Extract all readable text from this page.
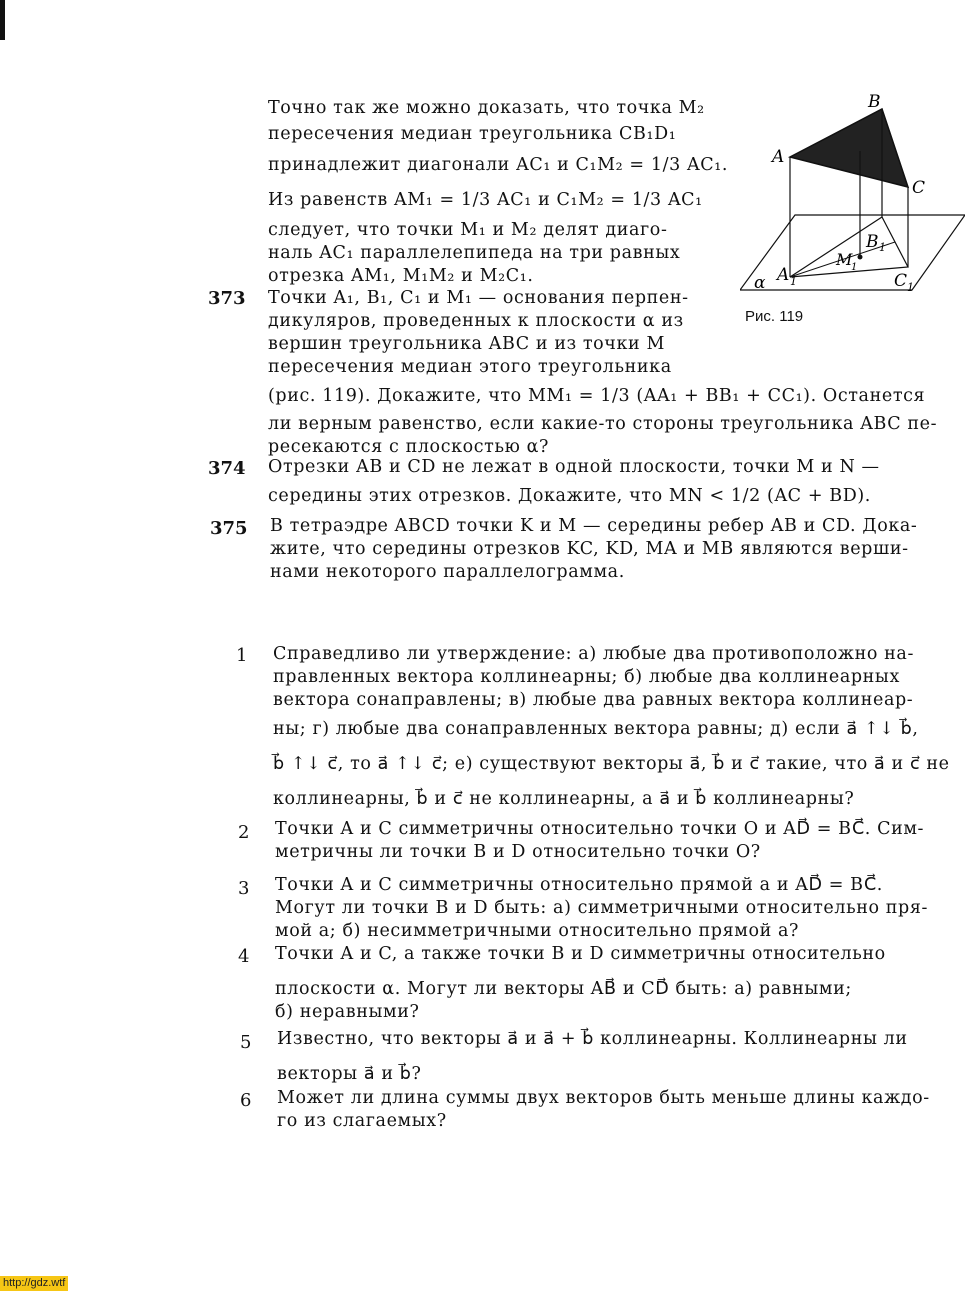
Точно так же можно доказать, что точка M₂
пересечения медиан треугольника CB₁D₁
принадлежит диагонали AC₁ и C₁M₂ = 1/3 AC₁.
Из равенств AM₁ = 1/3 AC₁ и C₁M₂ = 1/3 AC₁
следует, что точки M₁ и M₂ делят диаго-
наль AC₁ параллелепипеда на три равных
отрезка AM₁, M₁M₂ и M₂C₁.
A
B
C
A 1
B 1
C 1
M
1
α
Рис. 119
373 Точки A₁, B₁, C₁ и M₁ — основания перпен-
дикуляров, проведенных к плоскости α из
вершин треугольника ABC и из точки M
пересечения медиан этого треугольника
(рис. 119). Докажите, что MM₁ = 1/3 (AA₁ + BB₁ + CC₁). Останется
ли верным равенство, если какие-то стороны треугольника ABC пе-
ресекаются с плоскостью α?
374 Отрезки AB и CD не лежат в одной плоскости, точки M и N —
середины этих отрезков. Докажите, что MN < 1/2 (AC + BD).
375 В тетраэдре ABCD точки K и M — середины ребер AB и CD. Дока-
жите, что середины отрезков KC, KD, MA и MB являются верши-
нами некоторого параллелограмма.
1 Справедливо ли утверждение: а) любые два противоположно на-
правленных вектора коллинеарны; б) любые два коллинеарных
вектора сонаправлены; в) любые два равных вектора коллинеар-
ны; г) любые два сонаправленных вектора равны; д) если a⃗ ↑↓ b⃗,
b⃗ ↑↓ c⃗, то a⃗ ↑↓ c⃗; е) существуют векторы a⃗, b⃗ и c⃗ такие, что a⃗ и c⃗ не
коллинеарны, b⃗ и c⃗ не коллинеарны, а a⃗ и b⃗ коллинеарны?
2 Точки A и C симметричны относительно точки O и AD⃗ = BC⃗. Сим-
метричны ли точки B и D относительно точки O?
3 Точки A и C симметричны относительно прямой a и AD⃗ = BC⃗.
Могут ли точки B и D быть: а) симметричными относительно пря-
мой a; б) несимметричными относительно прямой a?
4 Точки A и C, а также точки B и D симметричны относительно
плоскости α. Могут ли векторы AB⃗ и CD⃗ быть: а) равными;
б) неравными?
5 Известно, что векторы a⃗ и a⃗ + b⃗ коллинеарны. Коллинеарны ли
векторы a⃗ и b⃗?
6 Может ли длина суммы двух векторов быть меньше длины каждо-
го из слагаемых?
http://gdz.wtf
